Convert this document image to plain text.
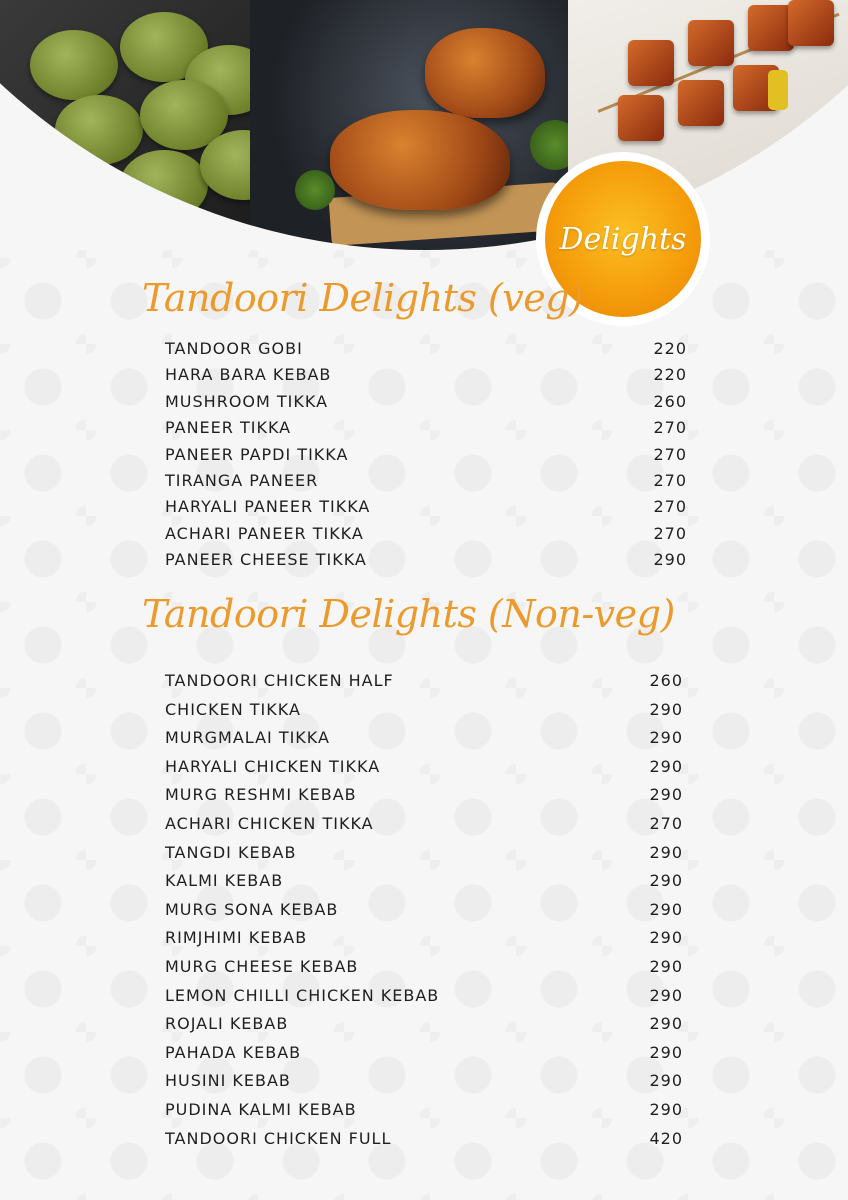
Delights
Tandoori Delights (veg)
TANDOOR GOBI	220
HARA BARA KEBAB	220
MUSHROOM TIKKA	260
PANEER TIKKA	270
PANEER PAPDI TIKKA	270
TIRANGA PANEER	270
HARYALI PANEER TIKKA	270
ACHARI PANEER TIKKA	270
PANEER CHEESE TIKKA	290
Tandoori Delights (Non-veg)
TANDOORI CHICKEN HALF	260
CHICKEN TIKKA	290
MURGMALAI TIKKA	290
HARYALI CHICKEN TIKKA	290
MURG RESHMI KEBAB	290
ACHARI CHICKEN TIKKA	270
TANGDI KEBAB	290
KALMI KEBAB	290
MURG SONA KEBAB	290
RIMJHIMI KEBAB	290
MURG CHEESE KEBAB	290
LEMON CHILLI CHICKEN KEBAB	290
ROJALI KEBAB	290
PAHADA KEBAB	290
HUSINI KEBAB	290
PUDINA KALMI KEBAB	290
TANDOORI CHICKEN FULL	420
